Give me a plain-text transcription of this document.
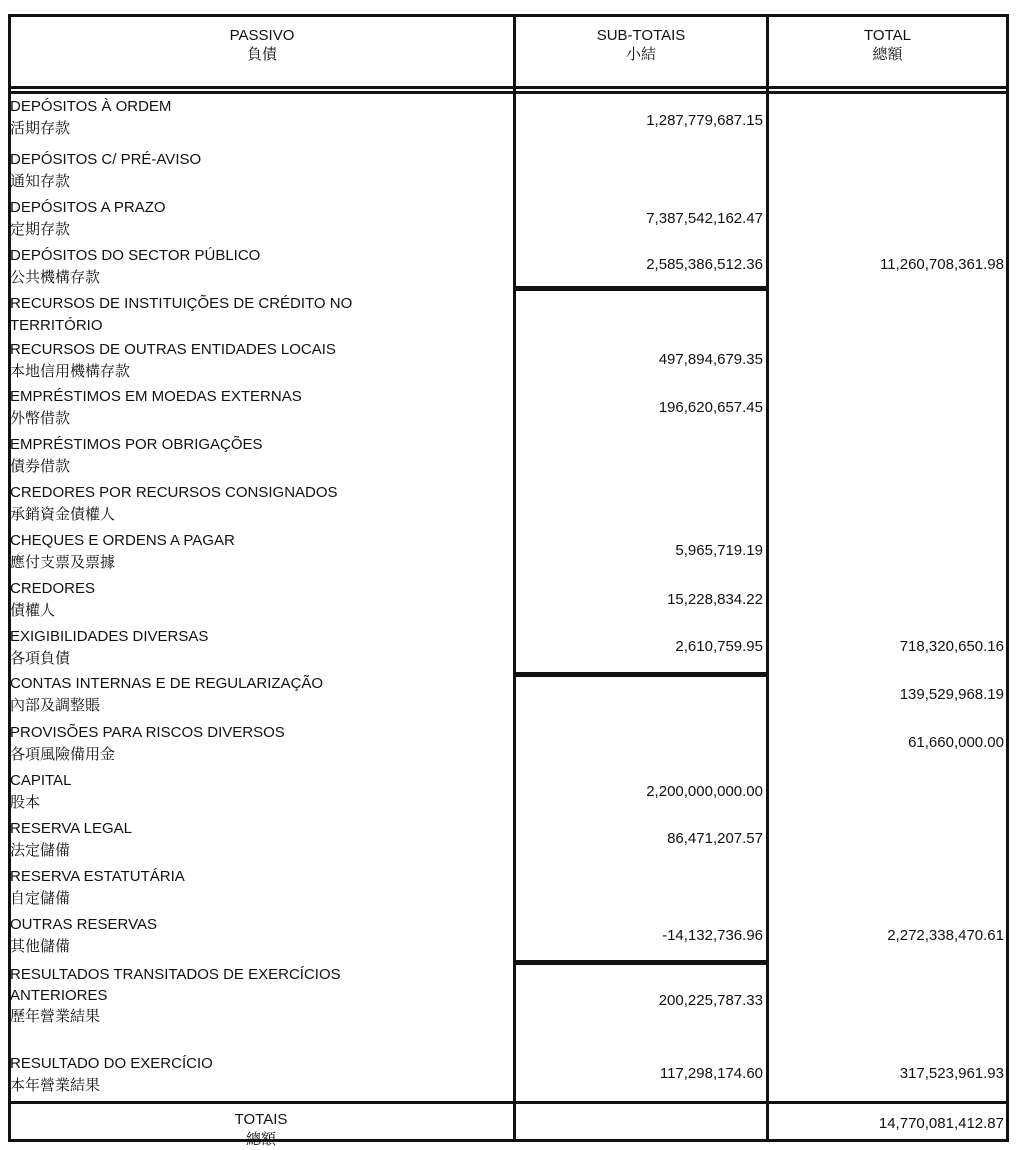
PASSIVO
負債
SUB-TOTAIS
小結
TOTAL
總額
DEPÓSITOS À ORDEM
活期存款
DEPÓSITOS C/ PRÉ-AVISO
通知存款
DEPÓSITOS A PRAZO
定期存款
DEPÓSITOS DO SECTOR PÚBLICO
公共機構存款
RECURSOS DE INSTITUIÇÕES DE CRÉDITO NO
TERRITÓRIO
RECURSOS DE OUTRAS ENTIDADES LOCAIS
本地信用機構存款
EMPRÉSTIMOS EM MOEDAS EXTERNAS
外幣借款
EMPRÉSTIMOS POR OBRIGAÇÕES
債券借款
CREDORES POR RECURSOS CONSIGNADOS
承銷資金債權人
CHEQUES E ORDENS A PAGAR
應付支票及票據
CREDORES
債權人
EXIGIBILIDADES DIVERSAS
各項負債
CONTAS INTERNAS E DE REGULARIZAÇÃO
內部及調整賬
PROVISÕES PARA RISCOS DIVERSOS
各項風險備用金
CAPITAL
股本
RESERVA LEGAL
法定儲備
RESERVA ESTATUTÁRIA
自定儲備
OUTRAS RESERVAS
其他儲備
RESULTADOS TRANSITADOS DE EXERCÍCIOS
ANTERIORES
歷年營業結果
RESULTADO DO EXERCÍCIO
本年營業結果
1,287,779,687.15
7,387,542,162.47
2,585,386,512.36
497,894,679.35
196,620,657.45
5,965,719.19
15,228,834.22
2,610,759.95
2,200,000,000.00
86,471,207.57
-14,132,736.96
200,225,787.33
117,298,174.60
11,260,708,361.98
718,320,650.16
139,529,968.19
61,660,000.00
2,272,338,470.61
317,523,961.93
TOTAIS
總額
14,770,081,412.87
